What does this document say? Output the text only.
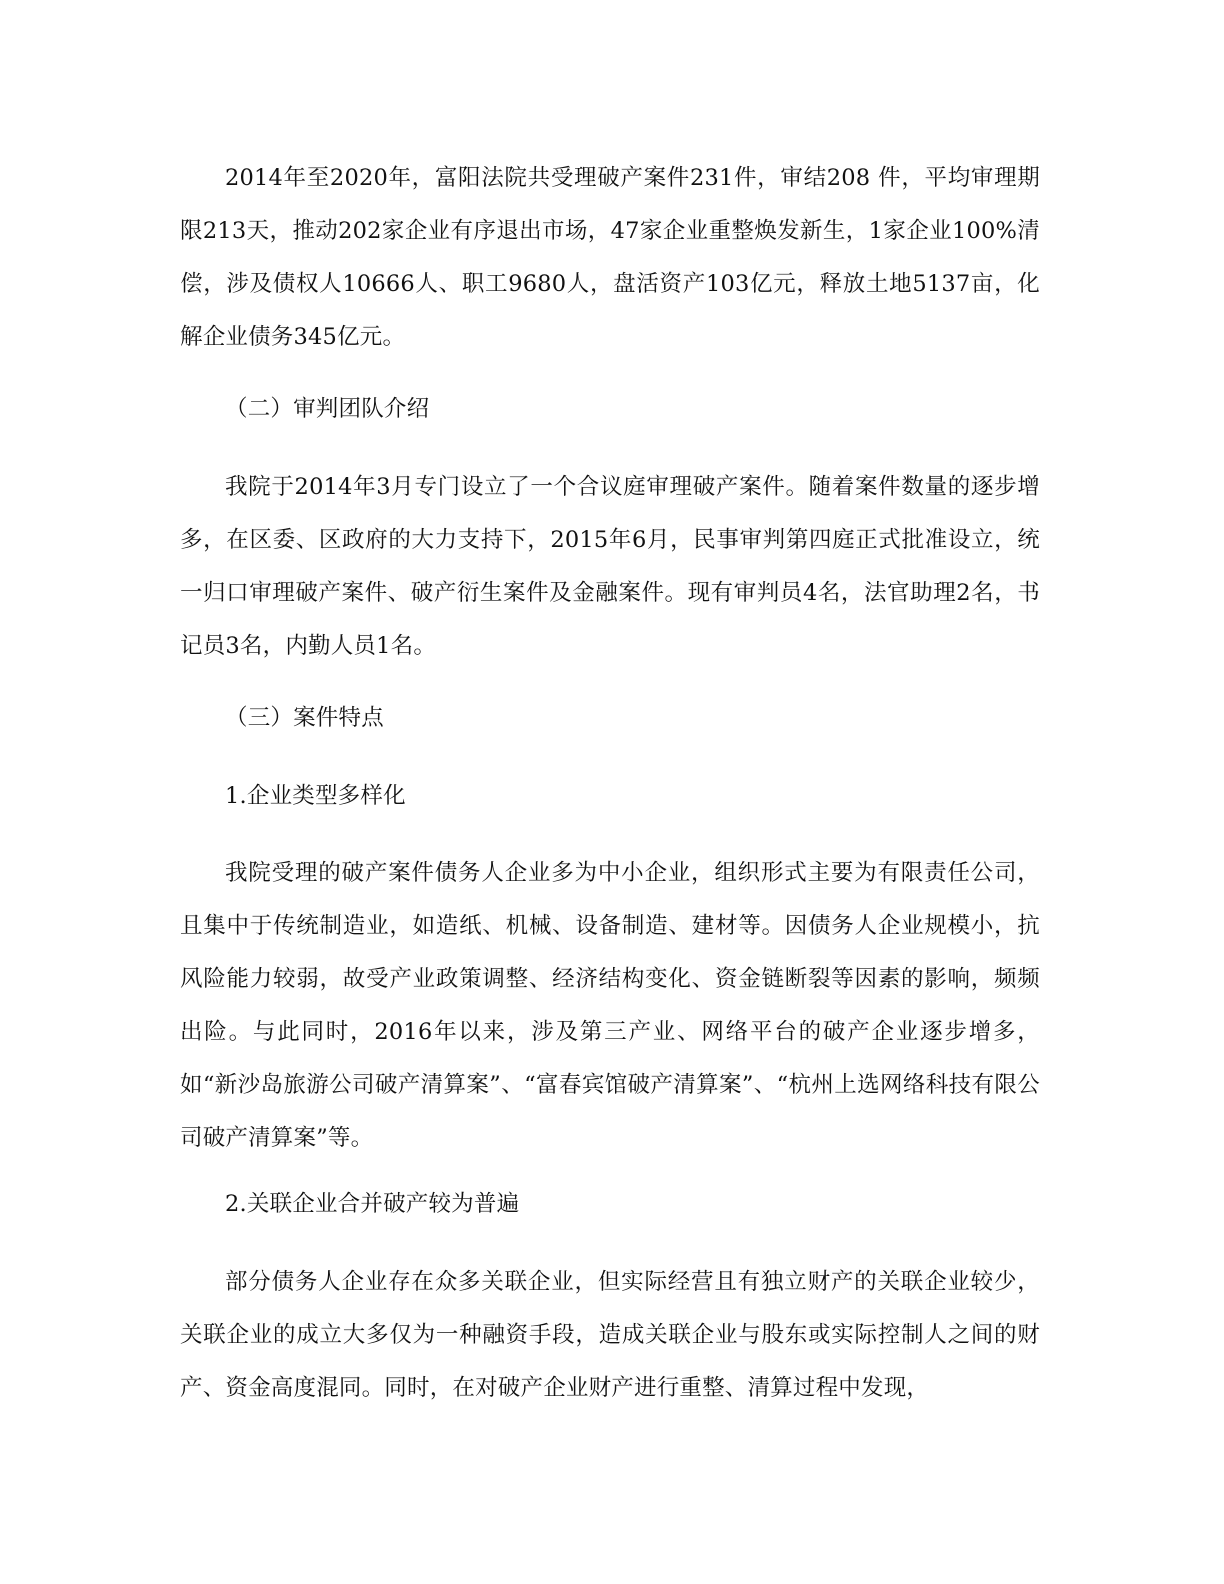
2014年至2020年，富阳法院共受理破产案件231件，审结208 件，平均审理期限213天，推动202家企业有序退出市场，47家企业重整焕发新生，1家企业100%清偿，涉及债权人10666人、职工9680人，盘活资产103亿元，释放土地5137亩，化解企业债务345亿元。

（二）审判团队介绍

我院于2014年3月专门设立了一个合议庭审理破产案件。随着案件数量的逐步增多，在区委、区政府的大力支持下，2015年6月，民事审判第四庭正式批准设立，统一归口审理破产案件、破产衍生案件及金融案件。现有审判员4名，法官助理2名，书记员3名，内勤人员1名。

（三）案件特点

1.企业类型多样化

我院受理的破产案件债务人企业多为中小企业，组织形式主要为有限责任公司，且集中于传统制造业，如造纸、机械、设备制造、建材等。因债务人企业规模小，抗风险能力较弱，故受产业政策调整、经济结构变化、资金链断裂等因素的影响，频频出险。与此同时，2016年以来，涉及第三产业、网络平台的破产企业逐步增多，如“新沙岛旅游公司破产清算案”、“富春宾馆破产清算案”、“杭州上选网络科技有限公司破产清算案”等。

2.关联企业合并破产较为普遍

部分债务人企业存在众多关联企业，但实际经营且有独立财产的关联企业较少，关联企业的成立大多仅为一种融资手段，造成关联企业与股东或实际控制人之间的财产、资金高度混同。同时，在对破产企业财产进行重整、清算过程中发现，
